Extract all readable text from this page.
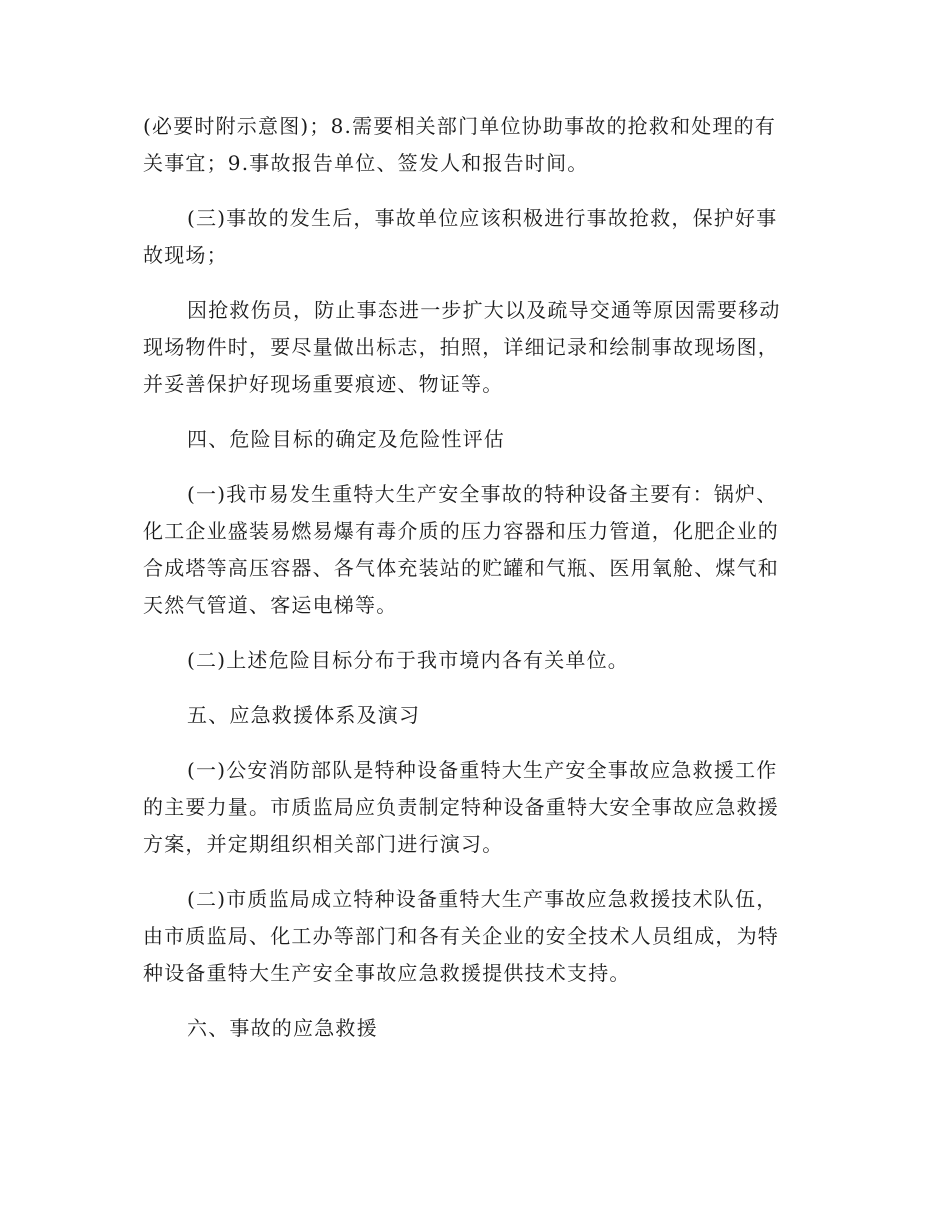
(必要时附示意图)；8.需要相关部门单位协助事故的抢救和处理的有
关事宜；9.事故报告单位、签发人和报告时间。

(三)事故的发生后，事故单位应该积极进行事故抢救，保护好事
故现场；

因抢救伤员，防止事态进一步扩大以及疏导交通等原因需要移动
现场物件时，要尽量做出标志，拍照，详细记录和绘制事故现场图，
并妥善保护好现场重要痕迹、物证等。

四、危险目标的确定及危险性评估

(一)我市易发生重特大生产安全事故的特种设备主要有：锅炉、
化工企业盛装易燃易爆有毒介质的压力容器和压力管道，化肥企业的
合成塔等高压容器、各气体充装站的贮罐和气瓶、医用氧舱、煤气和
天然气管道、客运电梯等。

(二)上述危险目标分布于我市境内各有关单位。

五、应急救援体系及演习

(一)公安消防部队是特种设备重特大生产安全事故应急救援工作
的主要力量。市质监局应负责制定特种设备重特大安全事故应急救援
方案，并定期组织相关部门进行演习。

(二)市质监局成立特种设备重特大生产事故应急救援技术队伍，
由市质监局、化工办等部门和各有关企业的安全技术人员组成，为特
种设备重特大生产安全事故应急救援提供技术支持。

六、事故的应急救援
